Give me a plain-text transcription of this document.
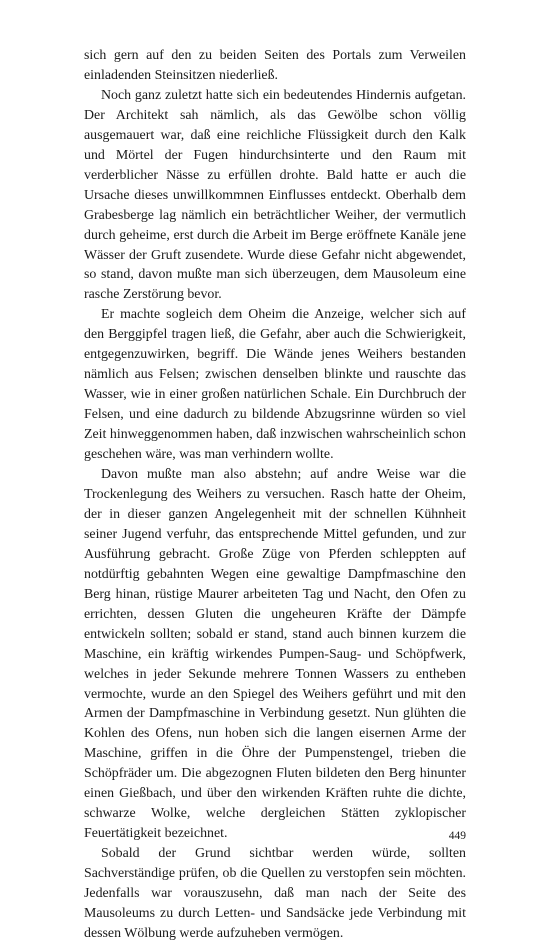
sich gern auf den zu beiden Seiten des Portals zum Verweilen einladenden Steinsitzen niederließ.

Noch ganz zuletzt hatte sich ein bedeutendes Hindernis aufgetan. Der Architekt sah nämlich, als das Gewölbe schon völlig ausgemauert war, daß eine reichliche Flüssigkeit durch den Kalk und Mörtel der Fugen hindurchsinterte und den Raum mit verderblicher Nässe zu erfüllen drohte. Bald hatte er auch die Ursache dieses unwillkommnen Einflusses entdeckt. Oberhalb dem Grabesberge lag nämlich ein beträchtlicher Weiher, der vermutlich durch geheime, erst durch die Arbeit im Berge eröffnete Kanäle jene Wässer der Gruft zusendete. Wurde diese Gefahr nicht abgewendet, so stand, davon mußte man sich überzeugen, dem Mausoleum eine rasche Zerstörung bevor.

Er machte sogleich dem Oheim die Anzeige, welcher sich auf den Berggipfel tragen ließ, die Gefahr, aber auch die Schwierigkeit, entgegenzuwirken, begriff. Die Wände jenes Weihers bestanden nämlich aus Felsen; zwischen denselben blinkte und rauschte das Wasser, wie in einer großen natürlichen Schale. Ein Durchbruch der Felsen, und eine dadurch zu bildende Abzugsrinne würden so viel Zeit hinweggenommen haben, daß inzwischen wahrscheinlich schon geschehen wäre, was man verhindern wollte.

Davon mußte man also abstehn; auf andre Weise war die Trockenlegung des Weihers zu versuchen. Rasch hatte der Oheim, der in dieser ganzen Angelegenheit mit der schnellen Kühnheit seiner Jugend verfuhr, das entsprechende Mittel gefunden, und zur Ausführung gebracht. Große Züge von Pferden schleppten auf notdürftig gebahnten Wegen eine gewaltige Dampfmaschine den Berg hinan, rüstige Maurer arbeiteten Tag und Nacht, den Ofen zu errichten, dessen Gluten die ungeheuren Kräfte der Dämpfe entwickeln sollten; sobald er stand, stand auch binnen kurzem die Maschine, ein kräftig wirkendes Pumpen-Saug- und Schöpfwerk, welches in jeder Sekunde mehrere Tonnen Wassers zu entheben vermochte, wurde an den Spiegel des Weihers geführt und mit den Armen der Dampfmaschine in Verbindung gesetzt. Nun glühten die Kohlen des Ofens, nun hoben sich die langen eisernen Arme der Maschine, griffen in die Öhre der Pumpenstengel, trieben die Schöpfräder um. Die abgezognen Fluten bildeten den Berg hinunter einen Gießbach, und über den wirkenden Kräften ruhte die dichte, schwarze Wolke, welche dergleichen Stätten zyklopischer Feuertätigkeit bezeichnet.

Sobald der Grund sichtbar werden würde, sollten Sachverständige prüfen, ob die Quellen zu verstopfen sein möchten. Jedenfalls war vorauszusehn, daß man nach der Seite des Mausoleums zu durch Letten- und Sandsäcke jede Verbindung mit dessen Wölbung werde aufzuheben vermögen.

449
